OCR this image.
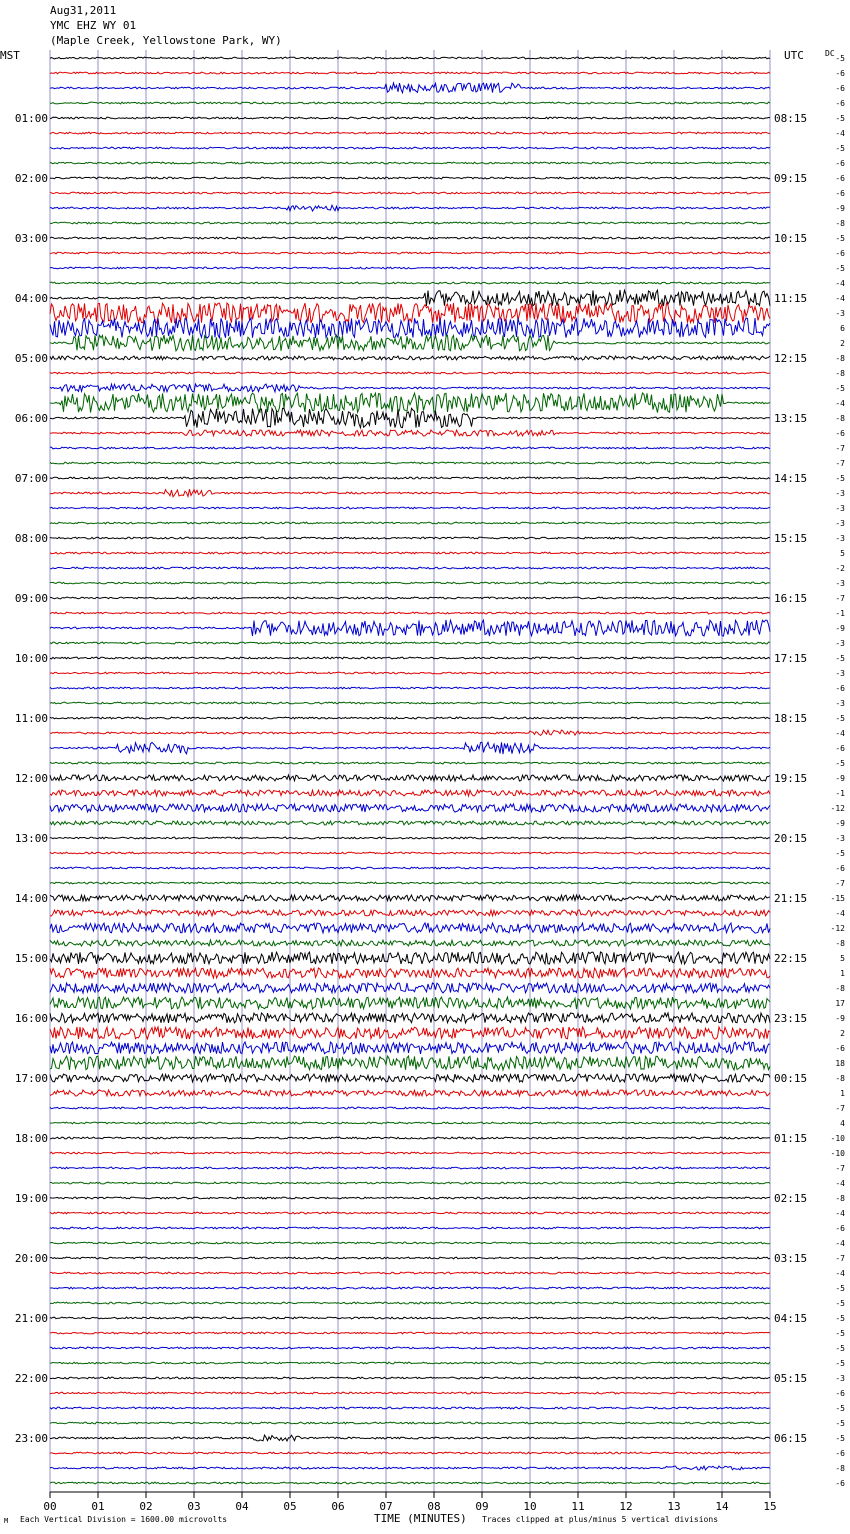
Aug31,2011
YMC EHZ WY 01
(Maple Creek, Yellowstone Park, WY)
MST	UTC	DC
00	01	02	03	04	05	06	07	08	09	10	11	12	13	14	15
-5
-6
-6
-6
-5
-4
-5
-6
-6
-6
-9
-8
-5
-6
-5
-4
-4
-3
6
2
-8
-8
-5
-4
-8
-6
-7
-7
-5
-3
-3
-3
-3
5
-2
-3
-7
-1
-9
-3
-5
-3
-6
-3
-5
-4
-6
-5
-9
-1
-12
-9
-3
-5
-6
-7
-15
-4
-12
-8
5
1
-8
17
-9
2
-6
18
-8
1
-7
4
-10
-10
-7
-4
-8
-4
-6
-4
-7
-4
-5
-5
-5
-5
-5
-5
-3
-6
-5
-5
-5
-6
-8
-6
01:00
02:00
03:00
04:00
05:00
06:00
07:00
08:00
09:00
10:00
11:00
12:00
13:00
14:00
15:00
16:00
17:00
18:00
19:00
20:00
21:00
22:00
23:00
08:15
09:15
10:15
11:15
12:15
13:15
14:15
15:15
16:15
17:15
18:15
19:15
20:15
21:15
22:15
23:15
00:15
01:15
02:15
03:15
04:15
05:15
06:15
M Each Vertical Division = 1600.00 microvolts	TIME (MINUTES) Traces clipped at plus/minus 5 vertical divisions
